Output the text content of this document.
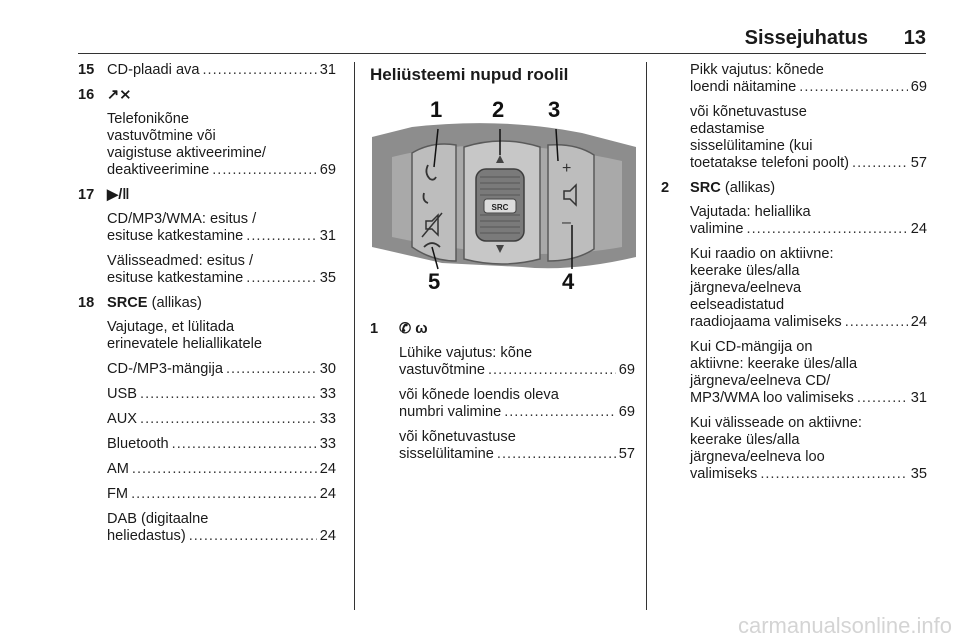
Sissejuhatus 13
15 CD-plaadi ava .....	31
16 ↗⨯
Telefonikõne
vastuvõtmine või
vaigistuse aktiveerimine/
deaktiveerimine .....	69
17 ▶/‖
CD/MP3/WMA: esitus /
esituse katkestamine .....	31
Välisseadmed: esitus /
esituse katkestamine .....	35
18 SRCE (allikas)
Vajutage, et lülitada
erinevatele heliallikatele
CD-/MP3-mängija .....	30
USB .....	33
AUX .....	33
Bluetooth .....	33
AM .....	24
FM .....	24
DAB (digitaalne
heliedastus) .....	24
Heliüsteemi nupud roolil
SRC
+
–
1 2 3
4
5
1 ✆ ω
Lühike vajutus: kõne
vastuvõtmine .....	69
või kõnede loendis oleva
numbri valimine .....	69
või kõnetuvastuse
sisselülitamine .....	57
Pikk vajutus: kõnede
loendi näitamine .....	69
või kõnetuvastuse
edastamise
sisselülitamine (kui
toetatakse telefoni poolt) .....	57
2 SRC (allikas)
Vajutada: heliallika
valimine .....	24
Kui raadio on aktiivne:
keerake üles/alla
järgneva/eelneva
eelseadistatud
raadiojaama valimiseks .....	24
Kui CD-mängija on
aktiivne: keerake üles/alla
järgneva/eelneva CD/
MP3/WMA loo valimiseks .....	31
Kui välisseade on aktiivne:
keerake üles/alla
järgneva/eelneva loo
valimiseks .....	35
carmanualsonline.info
